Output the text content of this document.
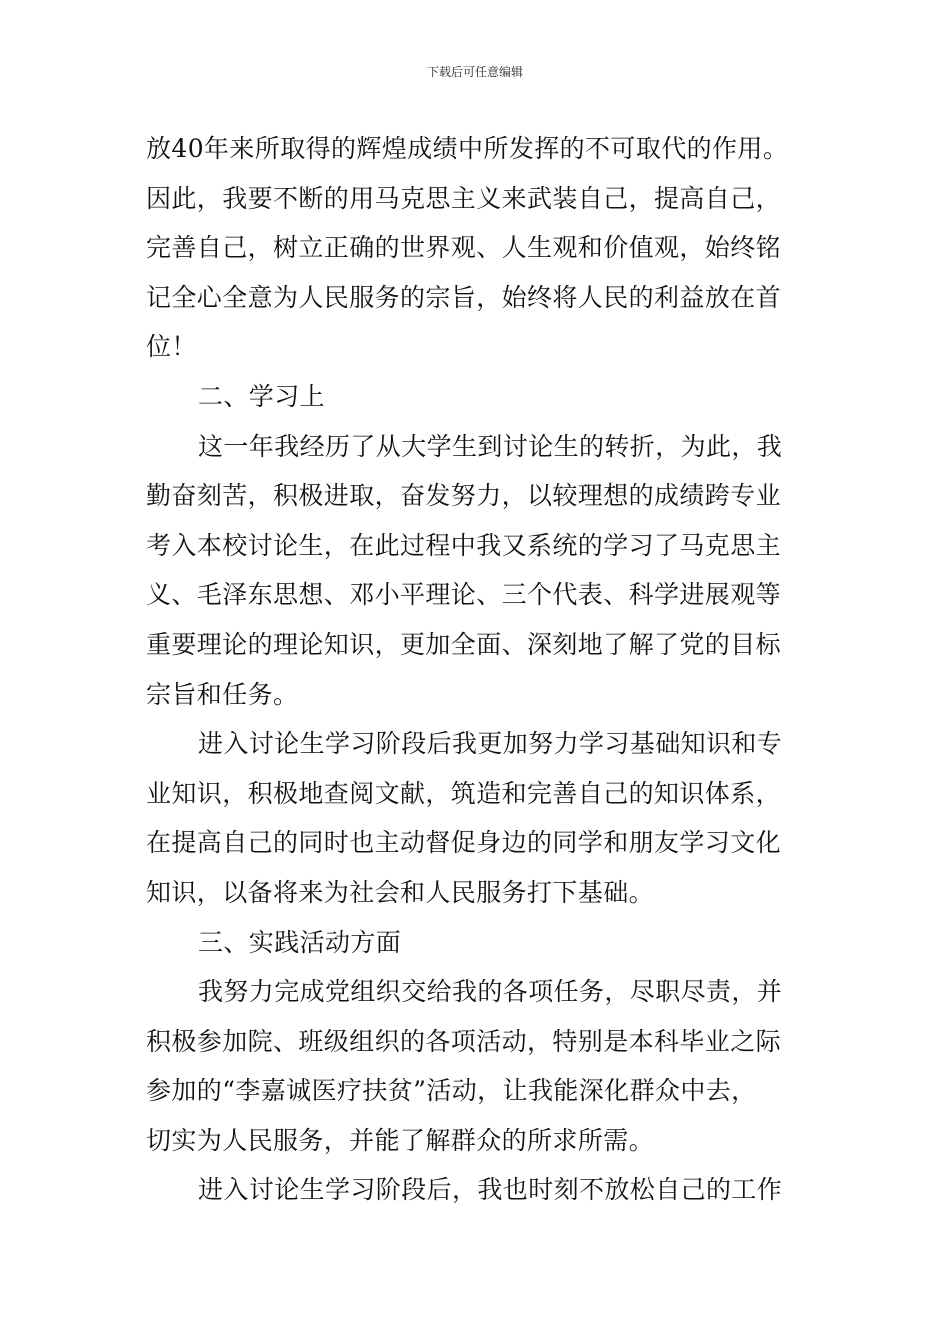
下载后可任意编辑
放40年来所取得的辉煌成绩中所发挥的不可取代的作用。
因此，我要不断的用马克思主义来武装自己，提高自己，
完善自己，树立正确的世界观、人生观和价值观，始终铭
记全心全意为人民服务的宗旨，始终将人民的利益放在首
位！
二、学习上
这一年我经历了从大学生到讨论生的转折，为此，我
勤奋刻苦，积极进取，奋发努力，以较理想的成绩跨专业
考入本校讨论生，在此过程中我又系统的学习了马克思主
义、毛泽东思想、邓小平理论、三个代表、科学进展观等
重要理论的理论知识，更加全面、深刻地了解了党的目标
宗旨和任务。
进入讨论生学习阶段后我更加努力学习基础知识和专
业知识，积极地查阅文献，筑造和完善自己的知识体系，
在提高自己的同时也主动督促身边的同学和朋友学习文化
知识，以备将来为社会和人民服务打下基础。
三、实践活动方面
我努力完成党组织交给我的各项任务，尽职尽责，并
积极参加院、班级组织的各项活动，特别是本科毕业之际
参加的“李嘉诚医疗扶贫”活动，让我能深化群众中去，
切实为人民服务，并能了解群众的所求所需。
进入讨论生学习阶段后，我也时刻不放松自己的工作
